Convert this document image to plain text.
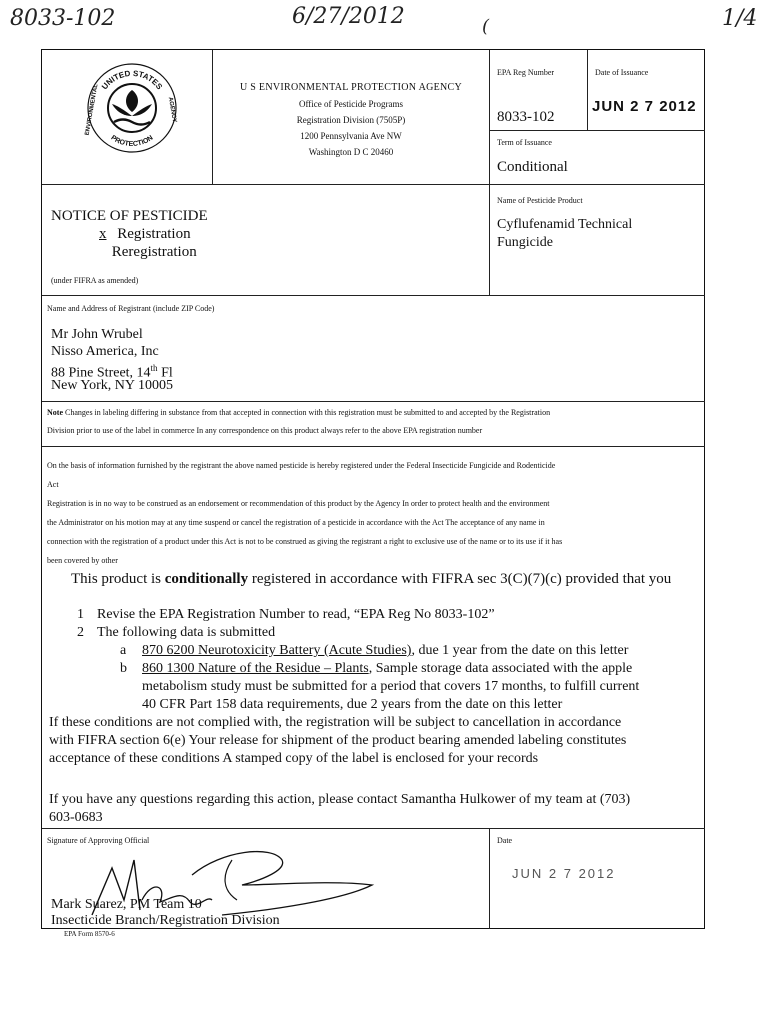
8033-102	6/27/2012	(	1/4
UNITED STATES
PROTECTION
ENVIRONMENTAL	AGENCY
U S ENVIRONMENTAL PROTECTION AGENCY
Office of Pesticide Programs
Registration Division (7505P)
1200 Pennsylvania Ave NW
Washington D C 20460
EPA Reg Number
8033-102
Date of Issuance
JUN 2 7 2012
Term of Issuance
Conditional
NOTICE OF PESTICIDE
x Registration
Reregistration
(under FIFRA as amended)
Name of Pesticide Product
Cyflufenamid Technical
Fungicide
Name and Address of Registrant (include ZIP Code)
Mr John Wrubel
Nisso America, Inc
88 Pine Street, 14th Fl
New York, NY 10005
Note Changes in labeling differing in substance from that accepted in connection with this registration must be submitted to and accepted by the Registration
Division prior to use of the label in commerce In any correspondence on this product always refer to the above EPA registration number
On the basis of information furnished by the registrant the above named pesticide is hereby registered under the Federal Insecticide Fungicide and Rodenticide
Act
Registration is in no way to be construed as an endorsement or recommendation of this product by the Agency In order to protect health and the environment
the Administrator on his motion may at any time suspend or cancel the registration of a pesticide in accordance with the Act The acceptance of any name in
connection with the registration of a product under this Act is not to be construed as giving the registrant a right to exclusive use of the name or to its use if it has
been covered by other
This product is conditionally registered in accordance with FIFRA sec 3(C)(7)(c) provided that you
1 Revise the EPA Registration Number to read, “EPA Reg No 8033-102”
2 The following data is submitted
a 870 6200 Neurotoxicity Battery (Acute Studies), due 1 year from the date on this letter
b 860 1300 Nature of the Residue – Plants, Sample storage data associated with the apple
metabolism study must be submitted for a period that covers 17 months, to fulfill current
40 CFR Part 158 data requirements, due 2 years from the date on this letter
If these conditions are not complied with, the registration will be subject to cancellation in accordance
with FIFRA section 6(e) Your release for shipment of the product bearing amended labeling constitutes
acceptance of these conditions A stamped copy of the label is enclosed for your records
If you have any questions regarding this action, please contact Samantha Hulkower of my team at (703)
603-0683
Signature of Approving Official
Mark Suarez, PM Team 10
Insecticide Branch/Registration Division
Date
JUN 2 7 2012
EPA Form 8570-6
